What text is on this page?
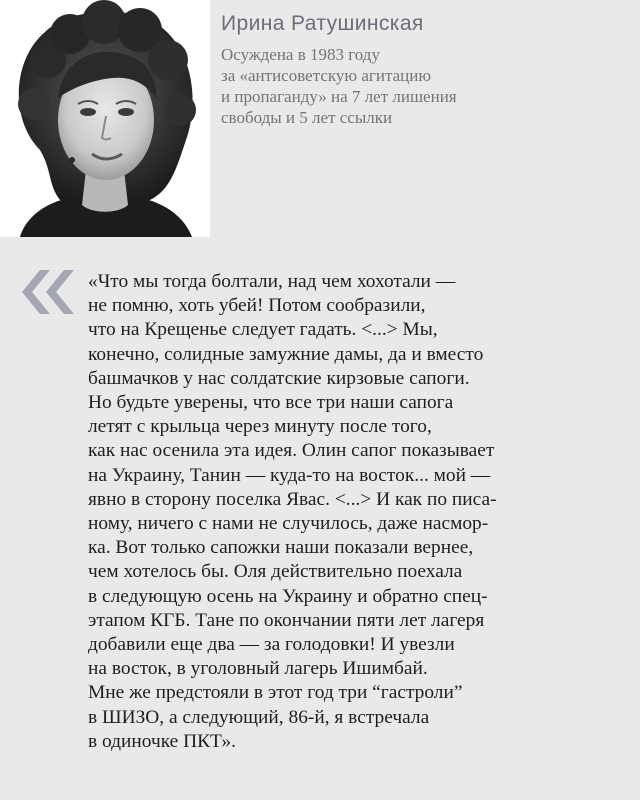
Ирина Ратушинская
Осуждена в 1983 году
за «антисоветскую агитацию
и пропаганду» на 7 лет лишения
свободы и 5 лет ссылки
«Что мы тогда болтали, над чем хохотали —
не помню, хоть убей! Потом сообразили,
что на Крещенье следует гадать. <...> Мы,
конечно, солидные замужние дамы, да и вместо
башмачков у нас солдатские кирзовые сапоги.
Но будьте уверены, что все три наши сапога
летят с крыльца через минуту после того,
как нас осенила эта идея. Олин сапог показывает
на Украину, Танин — куда-то на восток... мой —
явно в сторону поселка Явас. <...> И как по писа-
ному, ничего с нами не случилось, даже насмор-
ка. Вот только сапожки наши показали вернее,
чем хотелось бы. Оля действительно поехала
в следующую осень на Украину и обратно спец-
этапом КГБ. Тане по окончании пяти лет лагеря
добавили еще два — за голодовки! И увезли
на восток, в уголовный лагерь Ишимбай.
Мне же предстояли в этот год три “гастроли”
в ШИЗО, а следующий, 86-й, я встречала
в одиночке ПКТ».
